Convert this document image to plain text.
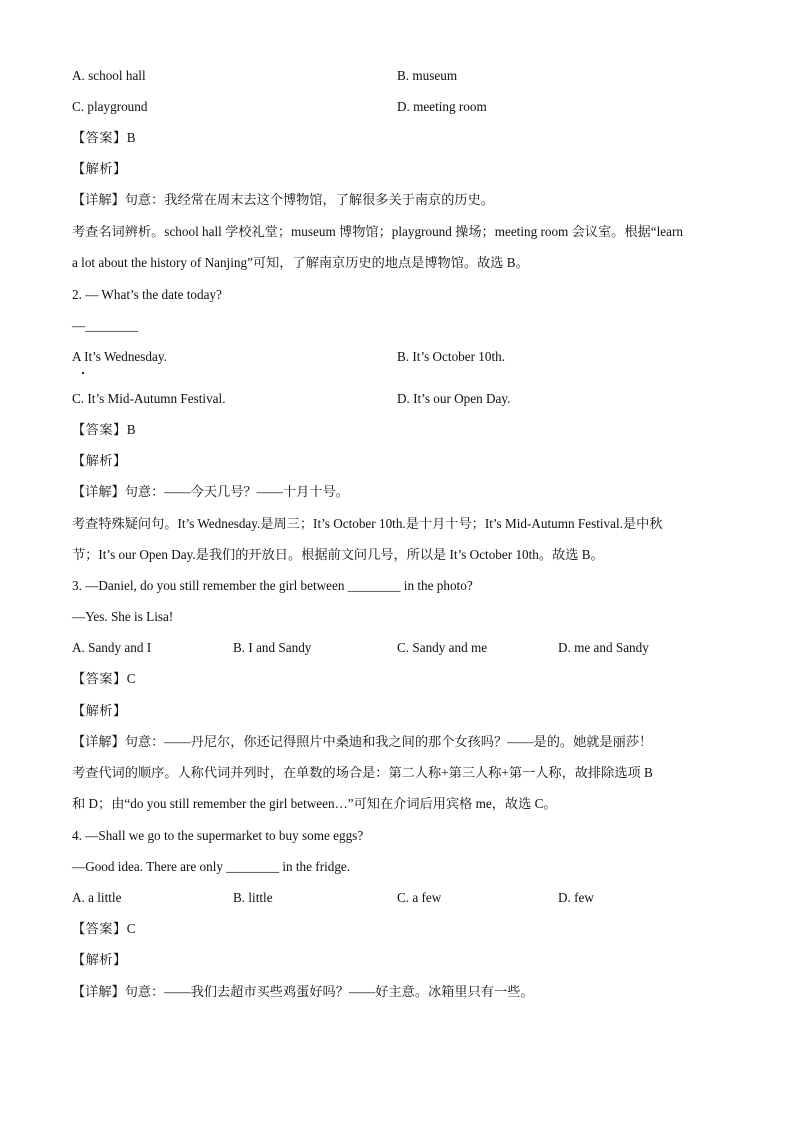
A. school hall	B. museum
C. playground	D. meeting room
【答案】B
【解析】
【详解】句意：我经常在周末去这个博物馆，了解很多关于南京的历史。
考查名词辨析。school hall 学校礼堂；museum 博物馆；playground 操场；meeting room 会议室。根据“learn
a lot about the history of Nanjing”可知，了解南京历史的地点是博物馆。故选 B。
2. — What’s the date today?
—________
A It’s Wednesday.	B. It’s October 10th.
C. It’s Mid-Autumn Festival.	D. It’s our Open Day.
【答案】B
【解析】
【详解】句意：——今天几号？——十月十号。
考查特殊疑问句。It’s Wednesday.是周三；It’s October 10th.是十月十号；It’s Mid-Autumn Festival.是中秋
节；It’s our Open Day.是我们的开放日。根据前文问几号，所以是 It’s October 10th。故选 B。
3. —Daniel, do you still remember the girl between ________ in the photo?
—Yes. She is Lisa!
A. Sandy and I	B. I and Sandy	C. Sandy and me	D. me and Sandy
【答案】C
【解析】
【详解】句意：——丹尼尔，你还记得照片中桑迪和我之间的那个女孩吗？——是的。她就是丽莎！
考查代词的顺序。人称代词并列时，在单数的场合是：第二人称+第三人称+第一人称，故排除选项 B
和 D；由“do you still remember the girl between…”可知在介词后用宾格 me，故选 C。
4. —Shall we go to the supermarket to buy some eggs?
—Good idea. There are only ________ in the fridge.
A. a little	B. little	C. a few	D. few
【答案】C
【解析】
【详解】句意：——我们去超市买些鸡蛋好吗？——好主意。冰箱里只有一些。
